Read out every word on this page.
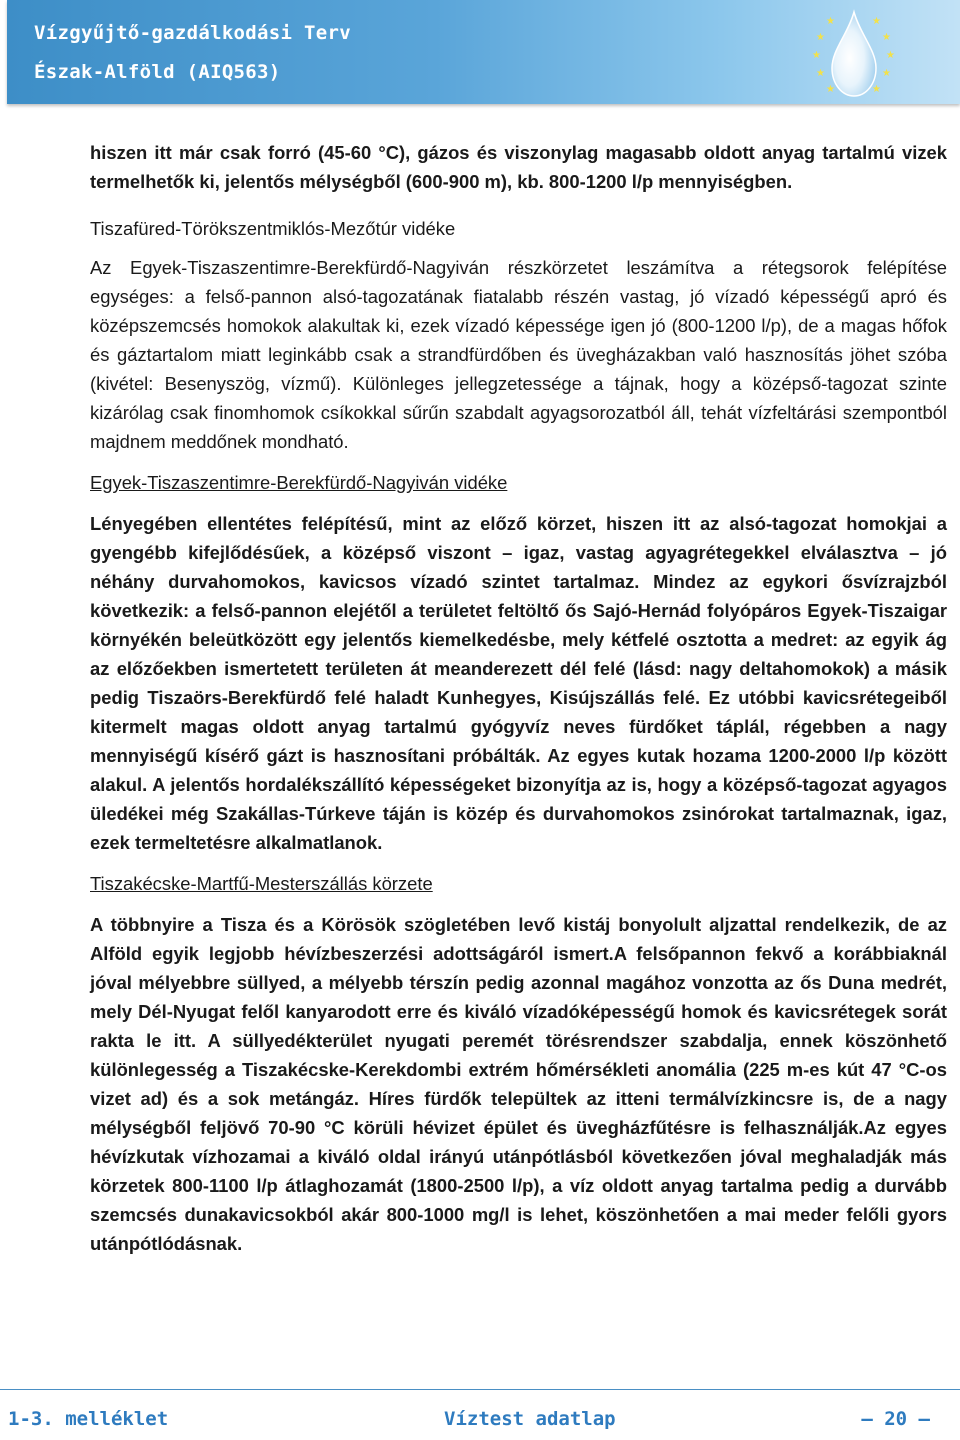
Vízgyűjtő-gazdálkodási Terv
Észak-Alföld (AIQ563)
★
★
★
★
★
★
★
★
★
★

hiszen itt már csak forró (45-60 °C), gázos és viszonylag magasabb oldott anyag tartalmú vizek termelhetők ki, jelentős mélységből (600-900 m), kb. 800-1200 l/p mennyiségben.

Tiszafüred-Törökszentmiklós-Mezőtúr vidéke

Az Egyek-Tiszaszentimre-Berekfürdő-Nagyiván részkörzetet leszámítva a rétegsorok felépítése egységes: a felső-pannon alsó-tagozatának fiatalabb részén vastag, jó vízadó képességű apró és középszemcsés homokok alakultak ki, ezek vízadó képessége igen jó (800-1200 l/p), de a magas hőfok és gáztartalom miatt leginkább csak a strandfürdőben és üvegházakban való hasznosítás jöhet szóba (kivétel: Besenyszög, vízmű). Különleges jellegzetessége a tájnak, hogy a középső-tagozat szinte kizárólag csak finomhomok csíkokkal sűrűn szabdalt agyagsorozatból áll, tehát vízfeltárási szempontból majdnem meddőnek mondható.

Egyek-Tiszaszentimre-Berekfürdő-Nagyiván vidéke

Lényegében ellentétes felépítésű, mint az előző körzet, hiszen itt az alsó-tagozat homokjai a gyengébb kifejlődésűek, a középső viszont – igaz, vastag agyagrétegekkel elválasztva – jó néhány durvahomokos, kavicsos vízadó szintet tartalmaz. Mindez az egykori ősvízrajzból következik: a felső-pannon elejétől a területet feltöltő ős Sajó-Hernád folyópáros Egyek-Tiszaigar környékén beleütközött egy jelentős kiemelkedésbe, mely kétfelé osztotta a medret: az egyik ág az előzőekben ismertetett területen át meanderezett dél felé (lásd: nagy deltahomokok) a másik pedig Tiszaörs-Berekfürdő felé haladt Kunhegyes, Kisújszállás felé. Ez utóbbi kavicsrétegeiből kitermelt magas oldott anyag tartalmú gyógyvíz neves fürdőket táplál, régebben a nagy mennyiségű kísérő gázt is hasznosítani próbálták. Az egyes kutak hozama 1200-2000 l/p között alakul. A jelentős hordalékszállító képességeket bizonyítja az is, hogy a középső-tagozat agyagos üledékei még Szakállas-Túrkeve táján is közép és durvahomokos zsinórokat tartalmaznak, igaz, ezek termeltetésre alkalmatlanok.

Tiszakécske-Martfű-Mesterszállás körzete

A többnyire a Tisza és a Körösök szögletében levő kistáj bonyolult aljzattal rendelkezik, de az Alföld egyik legjobb hévízbeszerzési adottságáról ismert.A felsőpannon fekvő a korábbiaknál jóval mélyebbre süllyed, a mélyebb térszín pedig azonnal magához vonzotta az ős Duna medrét, mely Dél-Nyugat felől kanyarodott erre és kiváló vízadóképességű homok és kavicsrétegek sorát rakta le itt. A süllyedékterület nyugati peremét törésrendszer szabdalja, ennek köszönhető különlegesség a Tiszakécske-Kerekdombi extrém hőmérsékleti anomália (225 m-es kút 47 °C-os vizet ad) és a sok metángáz. Híres fürdők települtek az itteni termálvízkincsre is, de a nagy mélységből feljövő 70-90 °C körüli hévizet épület és üvegházfűtésre is felhasználják.Az egyes hévízkutak vízhozamai a kiváló oldal irányú utánpótlásból következően jóval meghaladják más körzetek 800-1100 l/p átlaghozamát (1800-2500 l/p), a víz oldott anyag tartalma pedig a durvább szemcsés dunakavicsokból akár 800-1000 mg/l is lehet, köszönhetően a mai meder felőli gyors utánpótlódásnak.

1-3. melléklet	Víztest adatlap	— 20 —
